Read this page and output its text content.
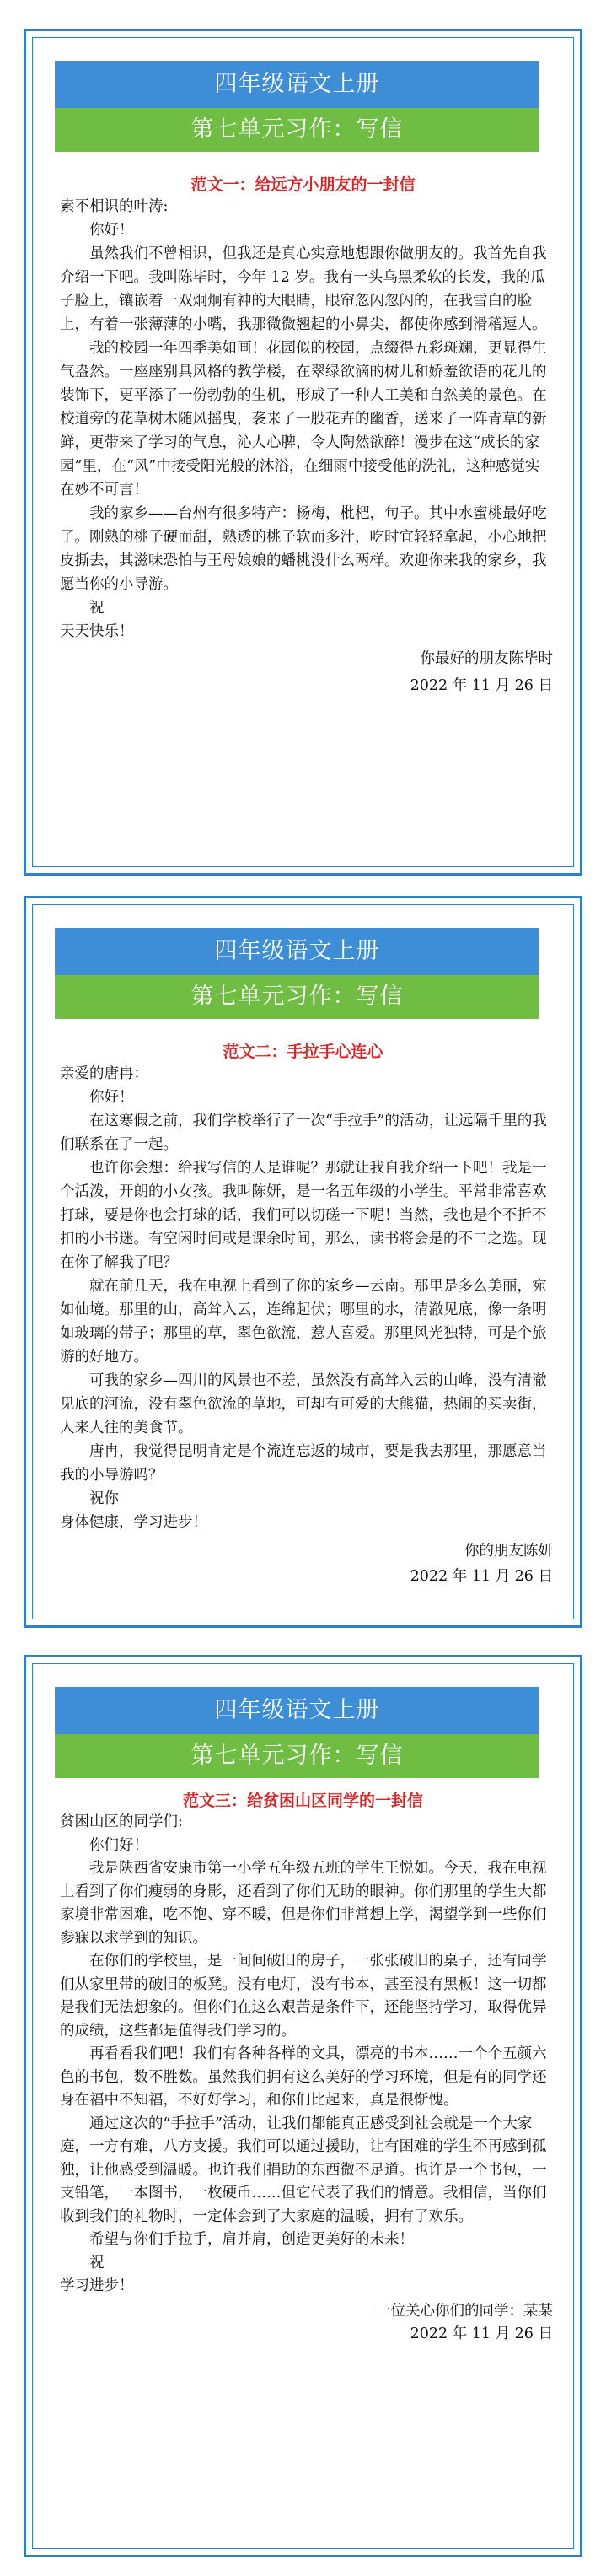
四年级语文上册
第七单元习作：写信
范文一：给远方小朋友的一封信

素不相识的叶涛:

你好！

虽然我们不曾相识，但我还是真心实意地想跟你做朋友的。我首先自我介绍一下吧。我叫陈毕时，今年 12 岁。我有一头乌黑柔软的长发，我的瓜子脸上，镶嵌着一双炯炯有神的大眼睛，眼帘忽闪忽闪的，在我雪白的脸上，有着一张薄薄的小嘴，我那微微翘起的小鼻尖，都使你感到滑稽逗人。

我的校园一年四季美如画！花园似的校园，点缀得五彩斑斓，更显得生气盎然。一座座别具风格的教学楼，在翠绿欲滴的树儿和娇羞欲语的花儿的装饰下，更平添了一份勃勃的生机，形成了一种人工美和自然美的景色。在校道旁的花草树木随风摇曳，袭来了一股花卉的幽香，送来了一阵青草的新鲜，更带来了学习的气息，沁人心脾，令人陶然欲醉！漫步在这“成长的家园”里，在“风”中接受阳光般的沐浴，在细雨中接受他的洗礼，这种感觉实在妙不可言！

我的家乡——台州有很多特产：杨梅，枇杷，句子。其中水蜜桃最好吃了。刚熟的桃子硬而甜，熟透的桃子软而多汁，吃时宜轻轻拿起，小心地把皮撕去，其滋味恐怕与王母娘娘的蟠桃没什么两样。欢迎你来我的家乡，我愿当你的小导游。

祝

天天快乐！

你最好的朋友陈毕时

2022 年 11 月 26 日

四年级语文上册
第七单元习作：写信
范文二：手拉手心连心

亲爱的唐冉：

你好！

在这寒假之前，我们学校举行了一次“手拉手”的活动，让远隔千里的我们联系在了一起。

也许你会想：给我写信的人是谁呢？那就让我自我介绍一下吧！我是一个活泼，开朗的小女孩。我叫陈妍，是一名五年级的小学生。平常非常喜欢打球，要是你也会打球的话，我们可以切磋一下呢！当然，我也是个不折不扣的小书迷。有空闲时间或是课余时间，那么，读书将会是的不二之选。现在你了解我了吧？

就在前几天，我在电视上看到了你的家乡—云南。那里是多么美丽，宛如仙境。那里的山，高耸入云，连绵起伏；哪里的水，清澈见底，像一条明如玻璃的带子；那里的草，翠色欲流，惹人喜爱。那里风光独特，可是个旅游的好地方。

可我的家乡—四川的风景也不差，虽然没有高耸入云的山峰，没有清澈见底的河流，没有翠色欲流的草地，可却有可爱的大熊猫，热闹的买卖街，人来人往的美食节。

唐冉，我觉得昆明肯定是个流连忘返的城市，要是我去那里，那愿意当我的小导游吗？

祝你

身体健康，学习进步！

你的朋友陈妍

2022 年 11 月 26 日

四年级语文上册
第七单元习作：写信
范文三：给贫困山区同学的一封信

贫困山区的同学们:

你们好！

我是陕西省安康市第一小学五年级五班的学生王悦如。今天，我在电视上看到了你们瘦弱的身影，还看到了你们无助的眼神。你们那里的学生大都家境非常困难，吃不饱、穿不暖，但是你们非常想上学，渴望学到一些你们参寐以求学到的知识。

在你们的学校里，是一间间破旧的房子，一张张破旧的桌子，还有同学们从家里带的破旧的板凳。没有电灯，没有书本，甚至没有黑板！这一切都是我们无法想象的。但你们在这么艰苦是条件下，还能坚持学习，取得优异的成绩，这些都是值得我们学习的。

再看看我们吧！我们有各种各样的文具，漂亮的书本……一个个五颜六色的书包，数不胜数。虽然我们拥有这么美好的学习环境，但是有的同学还身在福中不知福，不好好学习，和你们比起来，真是很惭愧。

通过这次的“手拉手”活动，让我们都能真正感受到社会就是一个大家庭，一方有难，八方支援。我们可以通过援助，让有困难的学生不再感到孤独，让他感受到温暖。也许我们捐助的东西微不足道。也许是一个书包，一支铅笔，一本图书，一枚硬币……但它代表了我们的情意。我相信，当你们收到我们的礼物时，一定体会到了大家庭的温暖，拥有了欢乐。

希望与你们手拉手，肩并肩，创造更美好的未来！

祝

学习进步！

一位关心你们的同学：某某

2022 年 11 月 26 日
